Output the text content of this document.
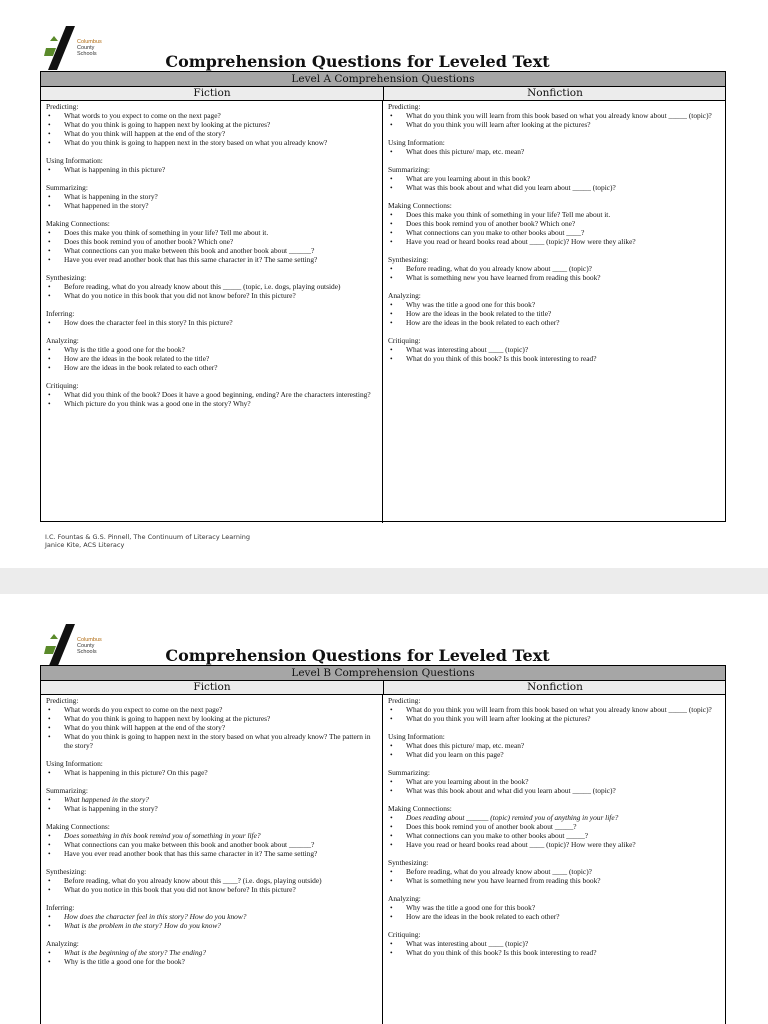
Columbus
County Schools	Comprehension Questions for Leveled Text
Level A Comprehension Questions
Fiction	Nonfiction
Predicting:
• What words to you expect to come on the next page?
• What do you think is going to happen next by looking at the pictures?
• What do you think will happen at the end of the story?
• What do you think is going to happen next in the story based on what you already know?
Using Information:
• What is happening in this picture?
Summarizing:
• What is happening in the story?
• What happened in the story?
Making Connections:
• Does this make you think of something in your life? Tell me about it.
• Does this book remind you of another book? Which one?
• What connections can you make between this book and another book about ______?
• Have you ever read another book that has this same character in it? The same setting?
Synthesizing:
• Before reading, what do you already know about this _____ (topic, i.e. dogs, playing outside)
• What do you notice in this book that you did not know before? In this picture?
Inferring:
• How does the character feel in this story? In this picture?
Analyzing:
• Why is the title a good one for the book?
• How are the ideas in the book related to the title?
• How are the ideas in the book related to each other?
Critiquing:
• What did you think of the book? Does it have a good beginning, ending? Are the characters interesting?
• Which picture do you think was a good one in the story? Why?
Predicting:
• What do you think you will learn from this book based on what you already know about _____ (topic)?
• What do you think you will learn after looking at the pictures?
Using Information:
• What does this picture/ map, etc. mean?
Summarizing:
• What are you learning about in this book?
• What was this book about and what did you learn about _____ (topic)?
Making Connections:
• Does this make you think of something in your life? Tell me about it.
• Does this book remind you of another book? Which one?
• What connections can you make to other books about ____?
• Have you read or heard books read about ____ (topic)? How were they alike?
Synthesizing:
• Before reading, what do you already know about ____ (topic)?
• What is something new you have learned from reading this book?
Analyzing:
• Why was the title a good one for this book?
• How are the ideas in the book related to the title?
• How are the ideas in the book related to each other?
Critiquing:
• What was interesting about ____ (topic)?
• What do you think of this book? Is this book interesting to read?
I.C. Fountas & G.S. Pinnell, The Continuum of Literacy Learning
Janice Kite, ACS Literacy
Columbus
County Schools	Comprehension Questions for Leveled Text
Level B Comprehension Questions
Fiction	Nonfiction
Predicting:
• What words do you expect to come on the next page?
• What do you think is going to happen next by looking at the pictures?
• What do you think will happen at the end of the story?
• What do you think is going to happen next in the story based on what you already know? The pattern in the story?
Using Information:
• What is happening in this picture? On this page?
Summarizing:
• What happened in the story?
• What is happening in the story?
Making Connections:
• Does something in this book remind you of something in your life?
• What connections can you make between this book and another book about ______?
• Have you ever read another book that has this same character in it? The same setting?
Synthesizing:
• Before reading, what do you already know about this ____? (i.e. dogs, playing outside)
• What do you notice in this book that you did not know before? In this picture?
Inferring:
• How does the character feel in this story? How do you know?
• What is the problem in the story? How do you know?
Analyzing:
• What is the beginning of the story? The ending?
• Why is the title a good one for the book?
Predicting:
• What do you think you will learn from this book based on what you already know about _____ (topic)?
• What do you think you will learn after looking at the pictures?
Using Information:
• What does this picture/ map, etc. mean?
• What did you learn on this page?
Summarizing:
• What are you learning about in the book?
• What was this book about and what did you learn about _____ (topic)?
Making Connections:
• Does reading about ______ (topic) remind you of anything in your life?
• Does this book remind you of another book about _____?
• What connections can you make to other books about _____?
• Have you read or heard books read about ____ (topic)? How were they alike?
Synthesizing:
• Before reading, what do you already know about ____ (topic)?
• What is something new you have learned from reading this book?
Analyzing:
• Why was the title a good one for this book?
• How are the ideas in the book related to each other?
Critiquing:
• What was interesting about ____ (topic)?
• What do you think of this book? Is this book interesting to read?
